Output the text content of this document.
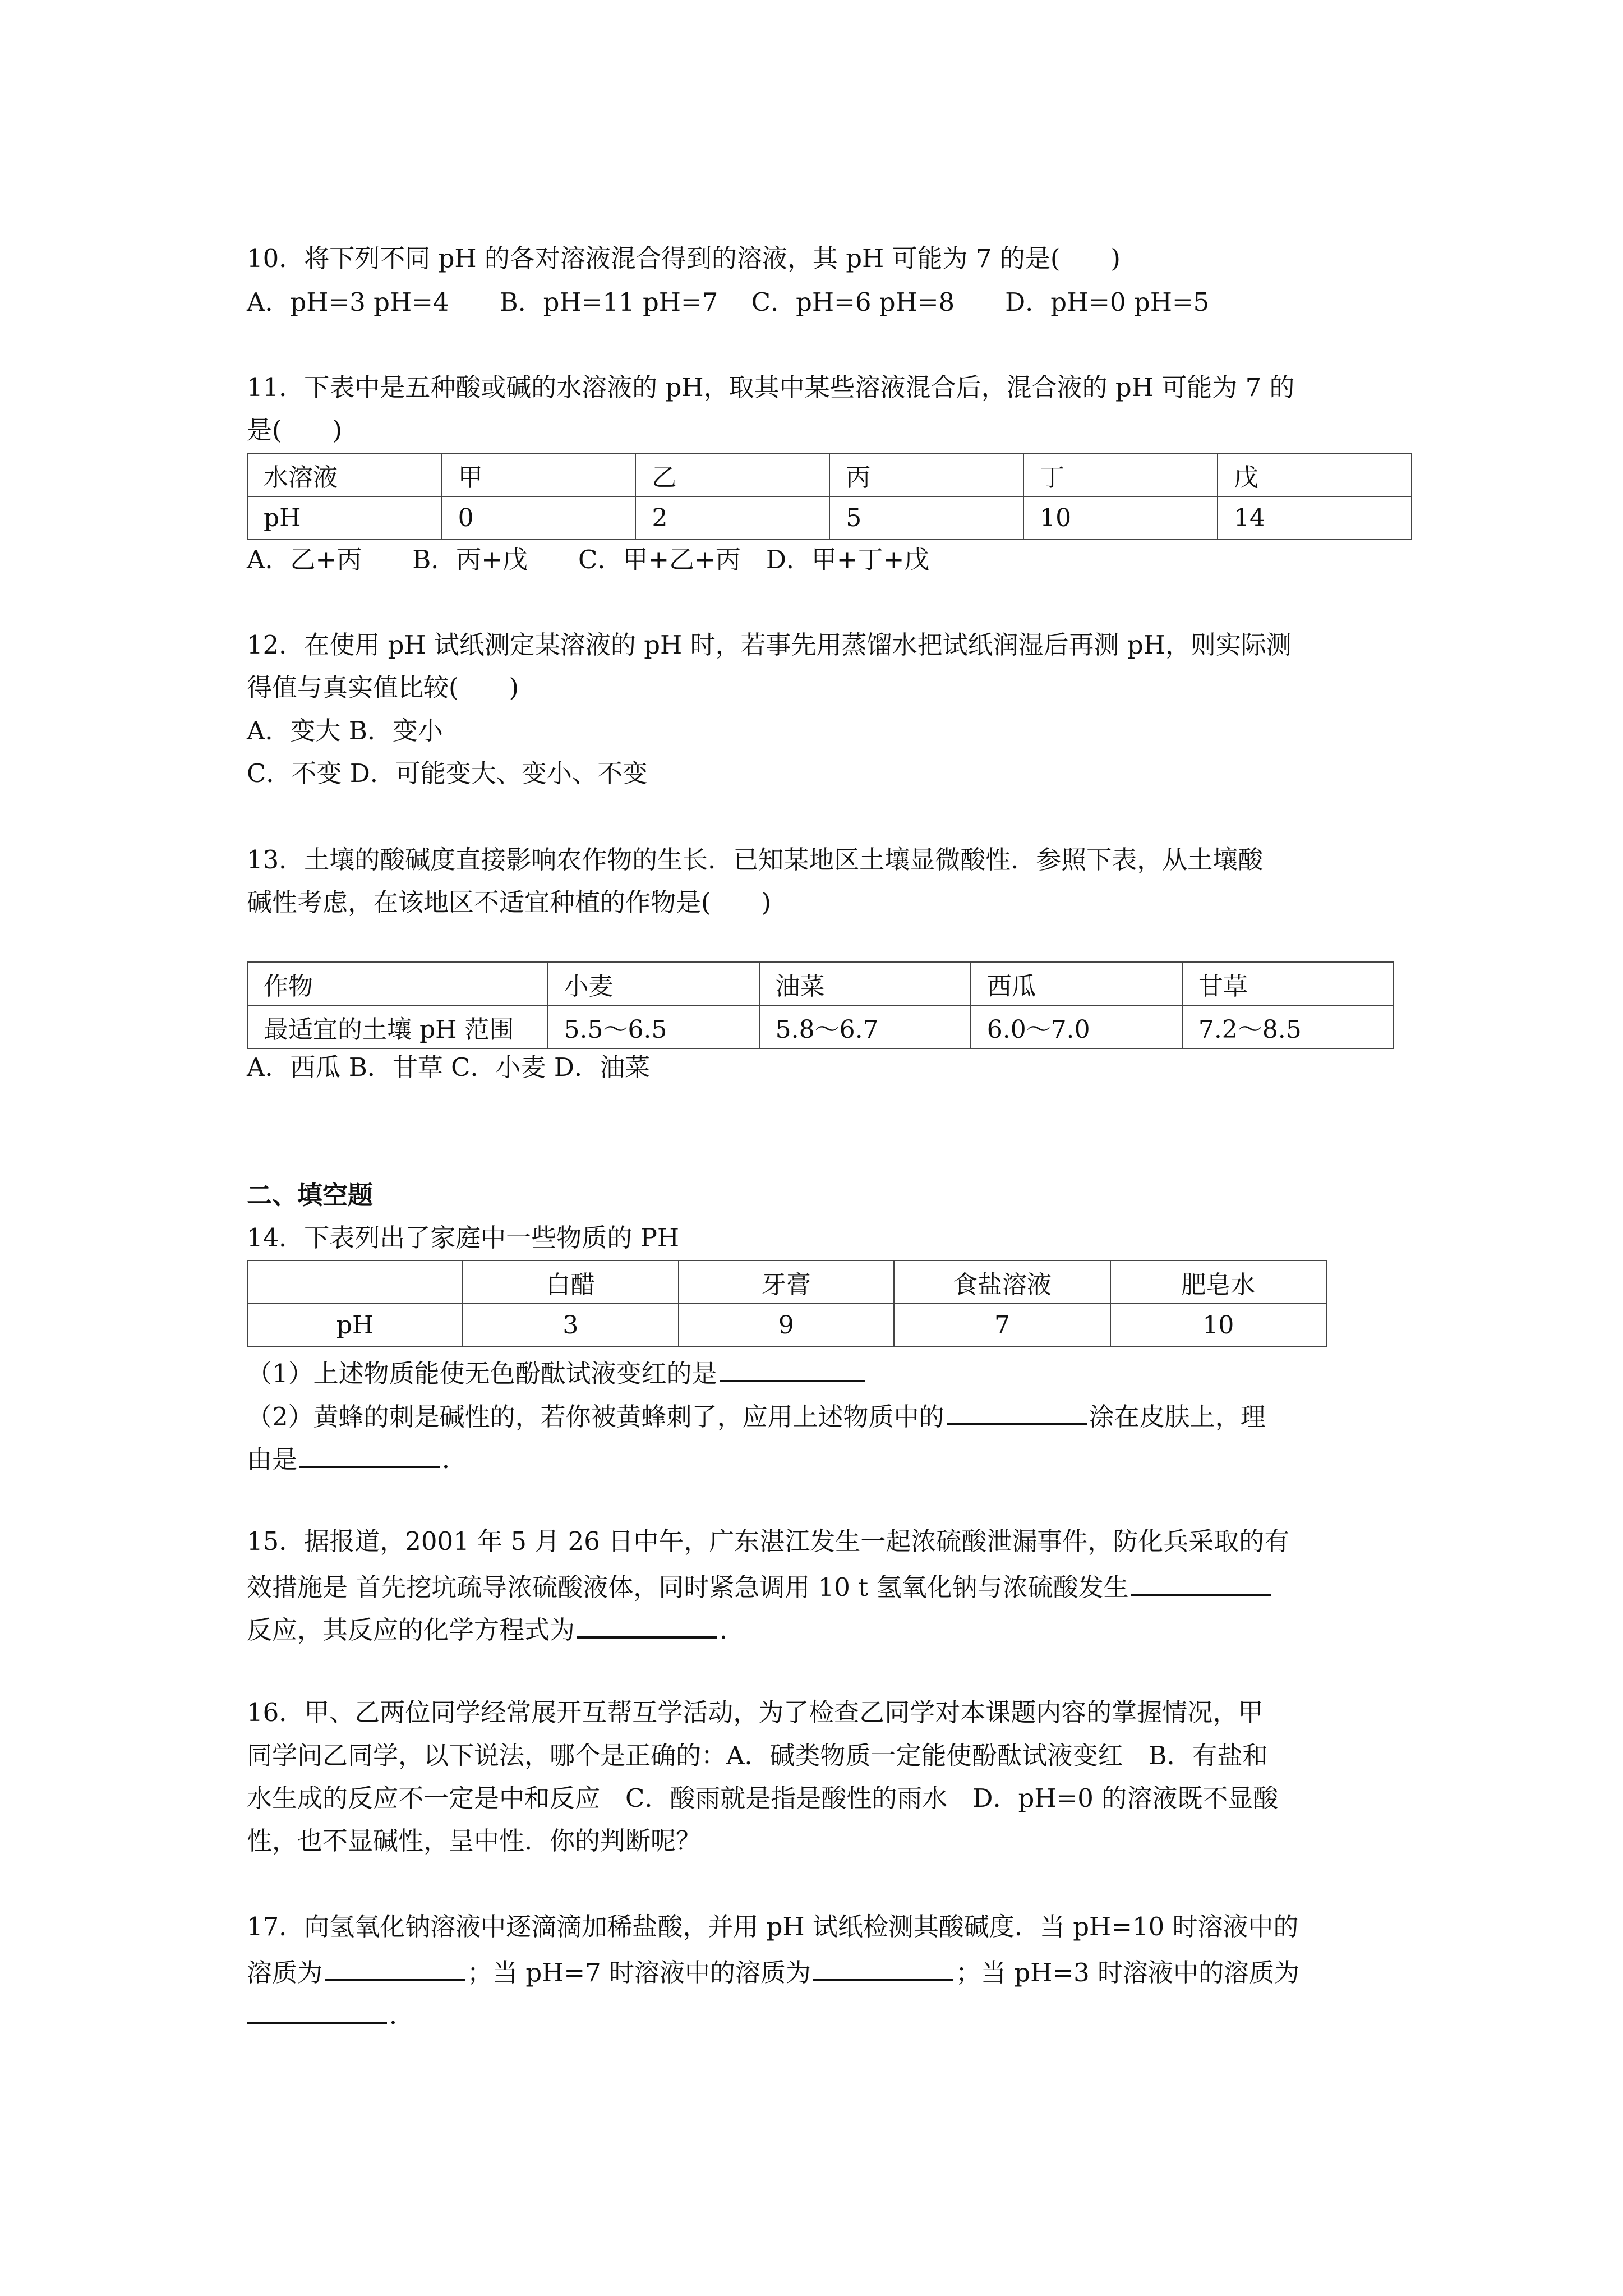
10．将下列不同 pH 的各对溶液混合得到的溶液，其 pH 可能为 7 的是(　　)
A．pH=3 pH=4　　B．pH=11 pH=7　 C．pH=6 pH=8　　D．pH=0 pH=5
11．下表中是五种酸或碱的水溶液的 pH，取其中某些溶液混合后，混合液的 pH 可能为 7 的
是(　　)
水溶液	甲	乙	丙	丁	戊
pH	0	2	5	10	14
A．乙+丙　　B．丙+戊　　C．甲+乙+丙　D．甲+丁+戊
12．在使用 pH 试纸测定某溶液的 pH 时，若事先用蒸馏水把试纸润湿后再测 pH，则实际测
得值与真实值比较(　　)
A．变大 B．变小
C．不变 D．可能变大、变小、不变
13．土壤的酸碱度直接影响农作物的生长．已知某地区土壤显微酸性．参照下表，从土壤酸
碱性考虑，在该地区不适宜种植的作物是(　　)
作物	小麦	油菜	西瓜	甘草
最适宜的土壤 pH 范围	5.5～6.5	5.8～6.7	6.0～7.0	7.2～8.5
A．西瓜 B．甘草 C．小麦 D．油菜
二、填空题
14．下表列出了家庭中一些物质的 PH
	白醋	牙膏	食盐溶液	肥皂水
pH	3	9	7	10
（1）上述物质能使无色酚酞试液变红的是
（2）黄蜂的刺是碱性的，若你被黄蜂刺了，应用上述物质中的	涂在皮肤上，理
由是	．
15．据报道，2001 年 5 月 26 日中午，广东湛江发生一起浓硫酸泄漏事件，防化兵采取的有
效措施是 首先挖坑疏导浓硫酸液体，同时紧急调用 10 t 氢氧化钠与浓硫酸发生
反应，其反应的化学方程式为	．
16．甲、乙两位同学经常展开互帮互学活动，为了检查乙同学对本课题内容的掌握情况，甲
同学问乙同学，以下说法，哪个是正确的：A．碱类物质一定能使酚酞试液变红　B．有盐和
水生成的反应不一定是中和反应　C．酸雨就是指是酸性的雨水　D．pH=0 的溶液既不显酸
性，也不显碱性，呈中性．你的判断呢？
17．向氢氧化钠溶液中逐滴滴加稀盐酸，并用 pH 试纸检测其酸碱度．当 pH=10 时溶液中的
溶质为	；当 pH=7 时溶液中的溶质为	；当 pH=3 时溶液中的溶质为
．
